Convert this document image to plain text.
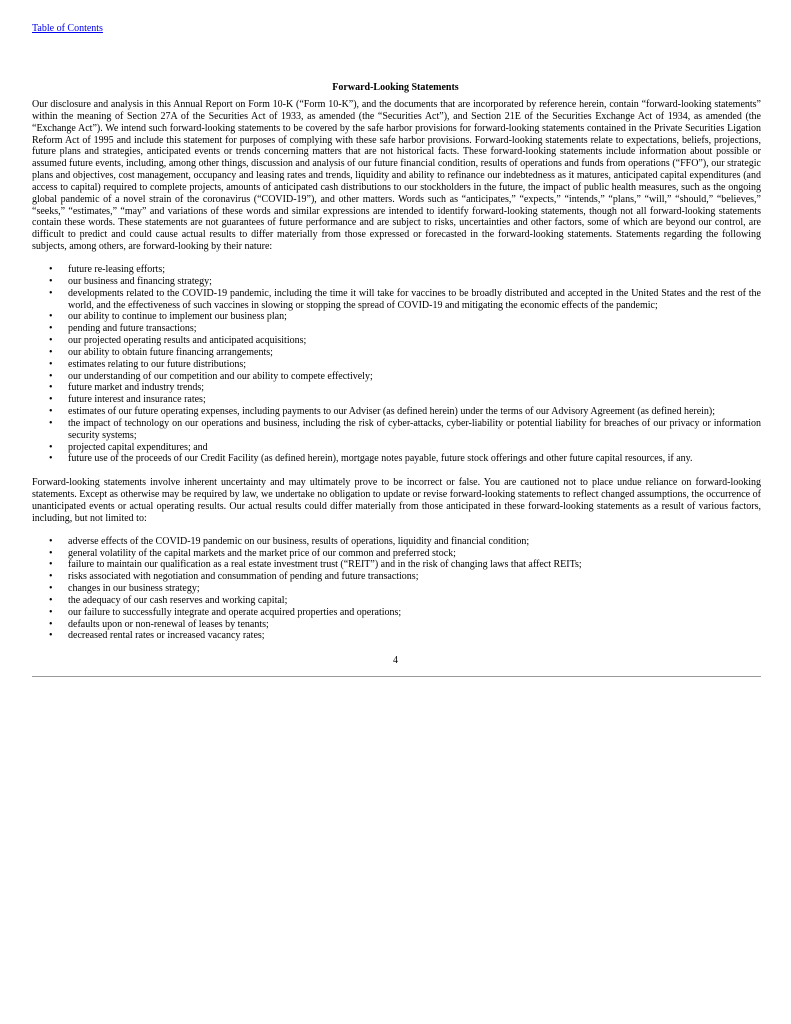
Table of Contents
Forward-Looking Statements

Our disclosure and analysis in this Annual Report on Form 10-K (“Form 10-K”), and the documents that are incorporated by reference herein, contain “forward-looking statements” within the meaning of Section 27A of the Securities Act of 1933, as amended (the “Securities Act”), and Section 21E of the Securities Exchange Act of 1934, as amended (the “Exchange Act”). We intend such forward-looking statements to be covered by the safe harbor provisions for forward-looking statements contained in the Private Securities Ligation Reform Act of 1995 and include this statement for purposes of complying with these safe harbor provisions. Forward-looking statements relate to expectations, beliefs, projections, future plans and strategies, anticipated events or trends concerning matters that are not historical facts. These forward-looking statements include information about possible or assumed future events, including, among other things, discussion and analysis of our future financial condition, results of operations and funds from operations (“FFO”), our strategic plans and objectives, cost management, occupancy and leasing rates and trends, liquidity and ability to refinance our indebtedness as it matures, anticipated capital expenditures (and access to capital) required to complete projects, amounts of anticipated cash distributions to our stockholders in the future, the impact of public health measures, such as the ongoing global pandemic of a novel strain of the coronavirus (“COVID-19”), and other matters. Words such as “anticipates,” “expects,” “intends,” “plans,” “will,” “should,” “believes,” “seeks,” “estimates,” “may” and variations of these words and similar expressions are intended to identify forward-looking statements, though not all forward-looking statements contain these words. These statements are not guarantees of future performance and are subject to risks, uncertainties and other factors, some of which are beyond our control, are difficult to predict and could cause actual results to differ materially from those expressed or forecasted in the forward-looking statements. Statements regarding the following subjects, among others, are forward-looking by their nature:

• future re-leasing efforts;
• our business and financing strategy;
• developments related to the COVID-19 pandemic, including the time it will take for vaccines to be broadly distributed and accepted in the United States and the rest of the world, and the effectiveness of such vaccines in slowing or stopping the spread of COVID-19 and mitigating the economic effects of the pandemic;
• our ability to continue to implement our business plan;
• pending and future transactions;
• our projected operating results and anticipated acquisitions;
• our ability to obtain future financing arrangements;
• estimates relating to our future distributions;
• our understanding of our competition and our ability to compete effectively;
• future market and industry trends;
• future interest and insurance rates;
• estimates of our future operating expenses, including payments to our Adviser (as defined herein) under the terms of our Advisory Agreement (as defined herein);
• the impact of technology on our operations and business, including the risk of cyber-attacks, cyber-liability or potential liability for breaches of our privacy or information security systems;
• projected capital expenditures; and
• future use of the proceeds of our Credit Facility (as defined herein), mortgage notes payable, future stock offerings and other future capital resources, if any.

Forward-looking statements involve inherent uncertainty and may ultimately prove to be incorrect or false. You are cautioned not to place undue reliance on forward-looking statements. Except as otherwise may be required by law, we undertake no obligation to update or revise forward-looking statements to reflect changed assumptions, the occurrence of unanticipated events or actual operating results. Our actual results could differ materially from those anticipated in these forward-looking statements as a result of various factors, including, but not limited to:

• adverse effects of the COVID-19 pandemic on our business, results of operations, liquidity and financial condition;
• general volatility of the capital markets and the market price of our common and preferred stock;
• failure to maintain our qualification as a real estate investment trust (“REIT”) and in the risk of changing laws that affect REITs;
• risks associated with negotiation and consummation of pending and future transactions;
• changes in our business strategy;
• the adequacy of our cash reserves and working capital;
• our failure to successfully integrate and operate acquired properties and operations;
• defaults upon or non-renewal of leases by tenants;
• decreased rental rates or increased vacancy rates;
4
